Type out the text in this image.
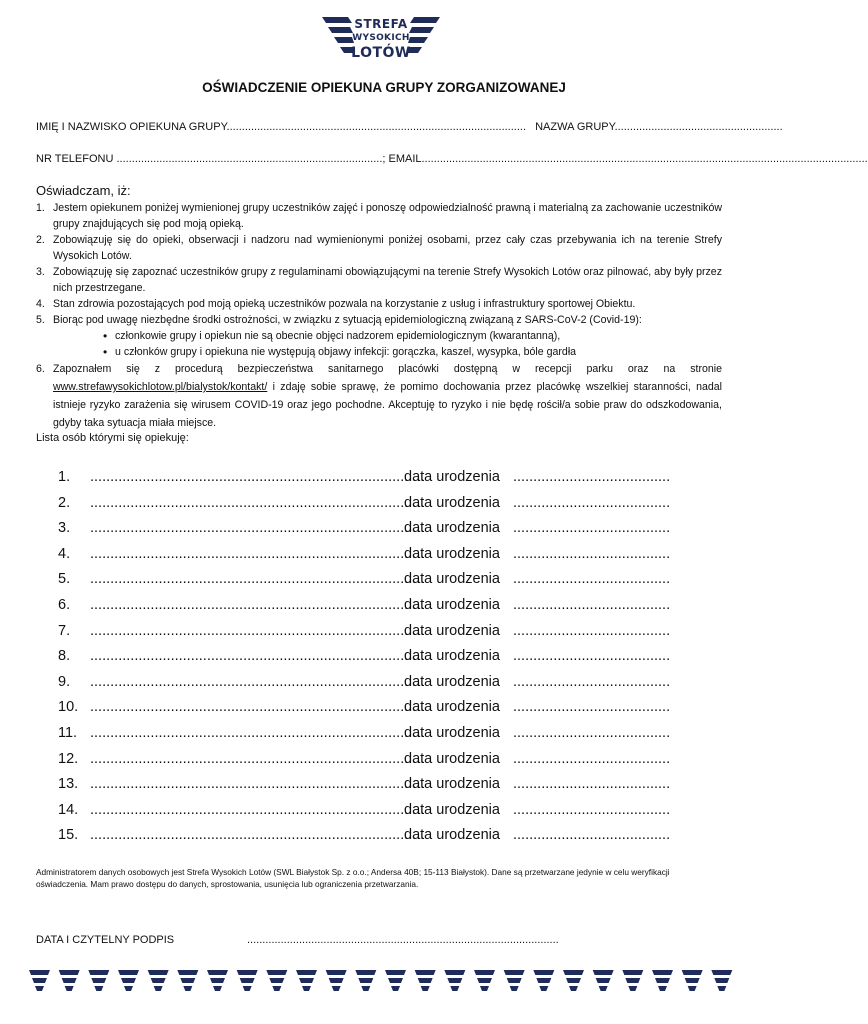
STREFA
WYSOKICH
LOTÓW
OŚWIADCZENIE OPIEKUNA GRUPY ZORGANIZOWANEJ
IMIĘ I NAZWISKO OPIEKUNA GRUPY.................................................................................................. NAZWA GRUPY.......................................................
NR TELEFONU .......................................................................................; EMAIL..................................................................................................................................................
Oświadczam, iż:
1. Jestem opiekunem poniżej wymienionej grupy uczestników zajęć i ponoszę odpowiedzialność prawną i materialną za zachowanie uczestników grupy znajdujących się pod moją opieką.
2. Zobowiązuję się do opieki, obserwacji i nadzoru nad wymienionymi poniżej osobami, przez cały czas przebywania ich na terenie Strefy Wysokich Lotów.
3. Zobowiązuję się zapoznać uczestników grupy z regulaminami obowiązującymi na terenie Strefy Wysokich Lotów oraz pilnować, aby były przez nich przestrzegane.
4. Stan zdrowia pozostających pod moją opieką uczestników pozwala na korzystanie z usług i infrastruktury sportowej Obiektu.
5. Biorąc pod uwagę niezbędne środki ostrożności, w związku z sytuacją epidemiologiczną związaną z SARS-CoV-2 (Covid-19):
• członkowie grupy i opiekun nie są obecnie objęci nadzorem epidemiologicznym (kwarantanną),
• u członków grupy i opiekuna nie występują objawy infekcji: gorączka, kaszel, wysypka, bóle gardła
6. Zapoznałem się z procedurą bezpieczeństwa sanitarnego placówki dostępną w recepcji parku oraz na stronie www.strefawysokichlotow.pl/bialystok/kontakt/ i zdaję sobie sprawę, że pomimo dochowania przez placówkę wszelkiej staranności, nadal istnieje ryzyko zarażenia się wirusem COVID-19 oraz jego pochodne. Akceptuję to ryzyko i nie będę rościł/a sobie praw do odszkodowania, gdyby taka sytuacja miała miejsce.
Lista osób którymi się opiekuję:
1. ...................................................................................
data urodzenia .......................................
2. ...................................................................................
data urodzenia .......................................
3. ...................................................................................
data urodzenia .......................................
4. ...................................................................................
data urodzenia .......................................
5. ...................................................................................
data urodzenia .......................................
6. ...................................................................................
data urodzenia .......................................
7. ...................................................................................
data urodzenia .......................................
8. ...................................................................................
data urodzenia .......................................
9. ...................................................................................
data urodzenia .......................................
10. ...................................................................................
data urodzenia .......................................
11. ...................................................................................
data urodzenia .......................................
12. ...................................................................................
data urodzenia .......................................
13. ...................................................................................
data urodzenia .......................................
14. ...................................................................................
data urodzenia .......................................
15. ...................................................................................
data urodzenia .......................................
Administratorem danych osobowych jest Strefa Wysokich Lotów (SWL Białystok Sp. z o.o.; Andersa 40B; 15-113 Białystok). Dane są przetwarzane jedynie w celu weryfikacji oświadczenia. Mam prawo dostępu do danych, sprostowania, usunięcia lub ograniczenia przetwarzania.
DATA I CZYTELNY PODPIS	......................................................................................................
